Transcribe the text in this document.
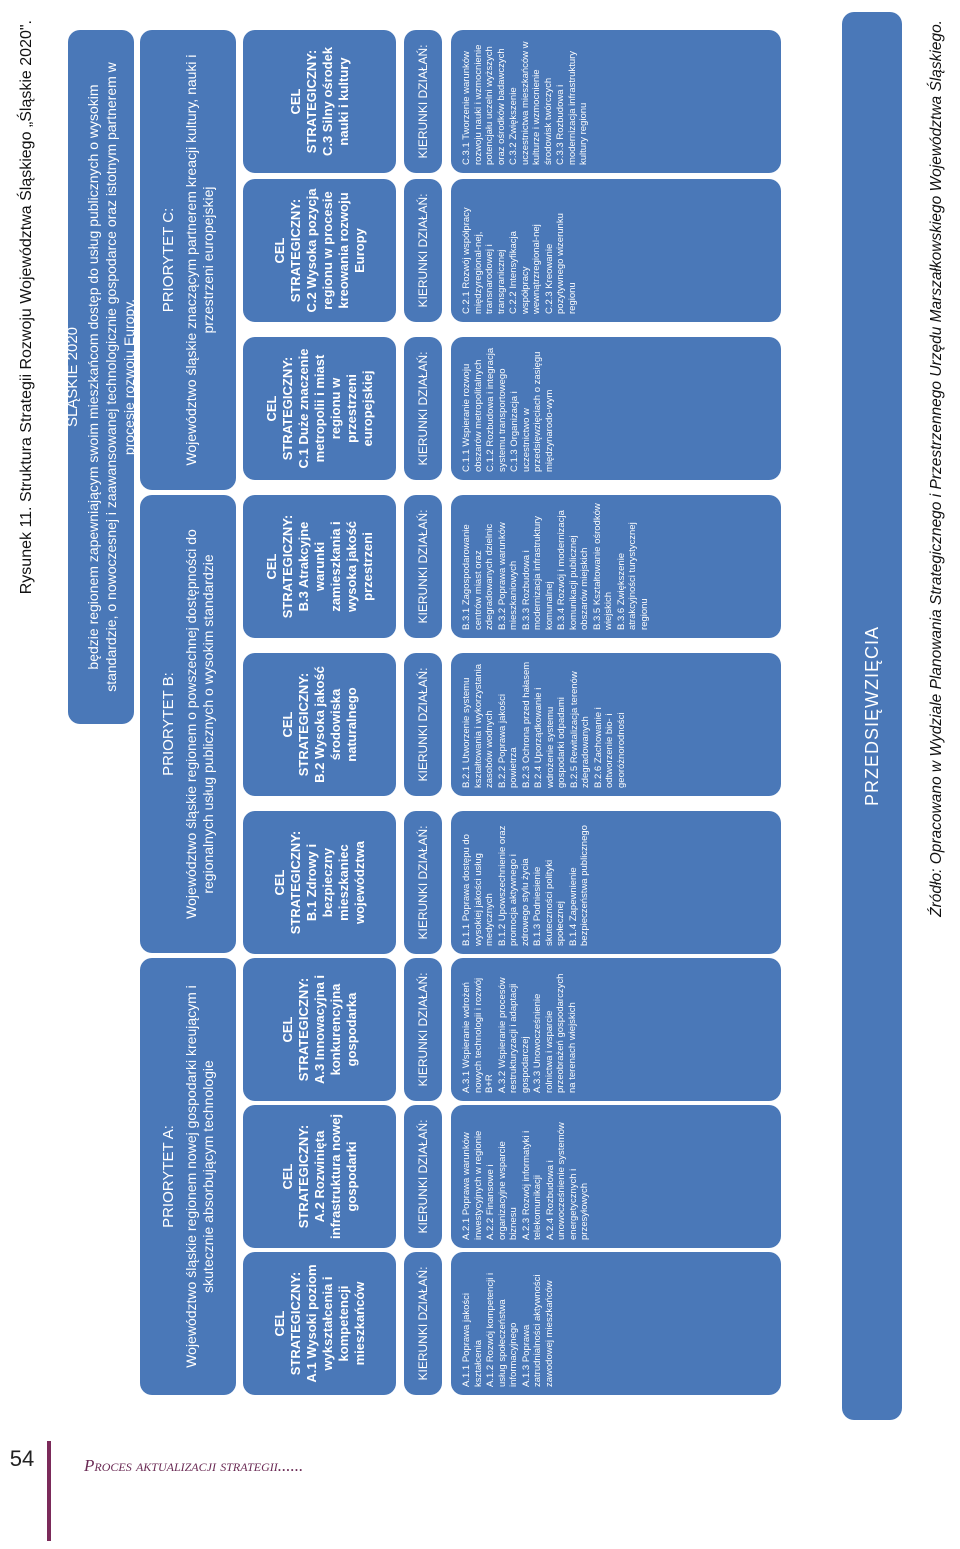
Rysunek 11. Struktura Strategii Rozwoju Województwa Śląskiego „Śląskie 2020".	Źródło: Opracowano w Wydziale Planowania Strategicznego i Przestrzennego Urzędu Marszałkowskiego Województwa Śląskiego.
ŚLĄSKIE 2020 będzie regionem zapewniającym swoim mieszkańcom dostęp do usług publicznych o wysokim standardzie, o nowoczesnej i zaawansowanej technologicznie gospodarce oraz istotnym partnerem w procesie rozwoju Europy.
PRIORYTET A: Województwo śląskie regionem nowej gospodarki kreującym i skutecznie absorbującym technologie
PRIORYTET B: Województwo śląskie regionem o powszechnej dostępności do regionalnych usług publicznych o wysokim standardzie
PRIORYTET C: Województwo śląskie znaczącym partnerem kreacji kultury, nauki i przestrzeni europejskiej
CEL STRATEGICZNY: A.1 Wysoki poziom wykształcenia i kompetencji mieszkańców	KIERUNKI DZIAŁAŃ:	A.1.1 Poprawa jakości kształcenia A.1.2 Rozwój kompetencji i usług społeczeństwa informacyjnego A.1.3 Poprawa zatrudnialności aktywności zawodowej mieszkańców
CEL STRATEGICZNY: A.2 Rozwinięta infrastruktura nowej gospodarki	KIERUNKI DZIAŁAŃ:	A.2.1 Poprawa warunków inwestycyjnych w regionie A.2.2 Finansowe i organizacyjne wsparcie biznesu A.2.3 Rozwój informatyki i telekomunikacji A.2.4 Rozbudowa i unowocześnienie systemów energetycznych i przesyłowych
CEL STRATEGICZNY: A.3 Innowacyjna i konkurencyjna gospodarka	KIERUNKI DZIAŁAŃ:	A.3.1 Wspieranie wdrożeń nowych technologii i rozwój B+R A.3.2 Wspieranie procesów restrukturyzacji i adaptacji gospodarczej A.3.3 Unowocześnienie rolnictwa i wsparcie przeobrażeń gospodarczych na terenach wiejskich
CEL STRATEGICZNY: B.1 Zdrowy i bezpieczny mieszkaniec województwa	KIERUNKI DZIAŁAŃ:	B.1.1 Poprawa dostępu do wysokiej jakości usług medycznych B.1.2 Upowszechnienie oraz promocja aktywnego i zdrowego stylu życia B.1.3 Podniesienie skuteczności polityki społecznej B.1.4 Zapewnienie bezpieczeństwa publicznego
CEL STRATEGICZNY: B.2 Wysoka jakość środowiska naturalnego	KIERUNKI DZIAŁAŃ:	B.2.1 Utworzenie systemu kształtowania i wykorzystania zasobów wodnych B.2.2 Poprawa jakości powietrza B.2.3 Ochrona przed hałasem B.2.4 Uporządkowanie i wdrożenie systemu gospodarki odpadami B.2.5 Rewitalizacja terenów zdegradowanych B.2.6 Zachowanie i odtworzenie bio- i georóżnorodności
CEL STRATEGICZNY: B.3 Atrakcyjne warunki zamieszkania i wysoka jakość przestrzeni	KIERUNKI DZIAŁAŃ:	B.3.1 Zagospodarowanie centrów miast oraz zdegradowanych dzielnic B.3.2 Poprawa warunków mieszkaniowych B.3.3 Rozbudowa i modernizacja infrastruktury komunalnej B.3.4 Rozwój i modernizacja komunikacji publicznej obszarów miejskich B.3.5 Kształtowanie ośrodków wiejskich B.3.6 Zwiększenie atrakcyjności turystycznej regionu
CEL STRATEGICZNY: C.1 Duże znaczenie metropolii i miast regionu w przestrzeni europejskiej	KIERUNKI DZIAŁAŃ:	C.1.1 Wspieranie rozwoju obszarów metropolitalnych C.1.2 Rozbudowa i integracja systemu transportowego C.1.3 Organizacja i uczestnictwo w przedsięwzięciach o zasięgu międzynarodo-wym
CEL STRATEGICZNY: C.2 Wysoka pozycja regionu w procesie kreowania rozwoju Europy	KIERUNKI DZIAŁAŃ:	C.2.1 Rozwój współpracy międzyregional-nej, transnarodowej i transgranicznej C.2.2 Intensyfikacja współpracy wewnątrzregional-nej C.2.3 Kreowanie pozytywnego wizerunku regionu
CEL STRATEGICZNY: C.3 Silny ośrodek nauki i kultury	KIERUNKI DZIAŁAŃ:	C.3.1 Tworzenie warunków rozwoju nauki i wzmocnienie potencjału uczelni wyższych oraz ośrodków badawczych C.3.2 Zwiększenie uczestnictwa mieszkańców w kulturze i wzmocnienie środowisk twórczych C.3.3 Rozbudowa i modernizacja infrastruktury kultury regionu
PRZEDSIĘWZIĘCIA
54	Proces aktualizacji strategii......
